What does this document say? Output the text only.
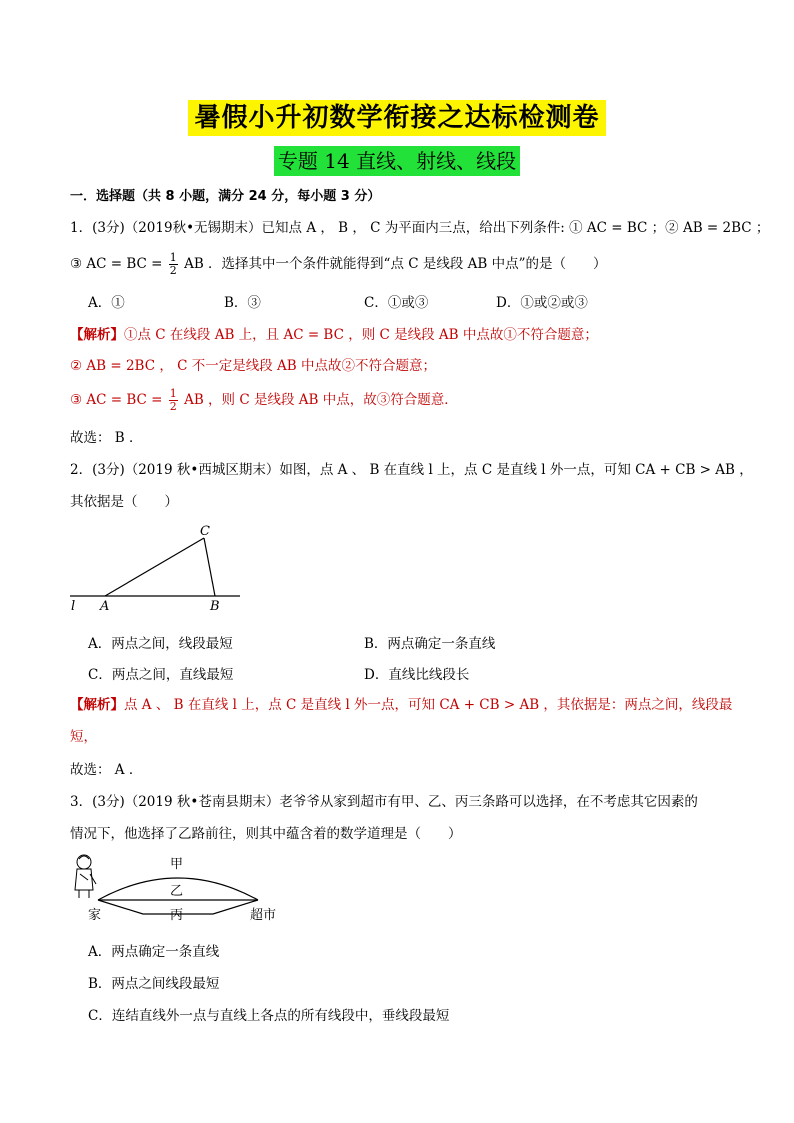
暑假小升初数学衔接之达标检测卷
专题 14 直线、射线、线段
一．选择题（共 8 小题，满分 24 分，每小题 3 分）
1．(3分)（2019秋•无锡期末）已知点 A ， B ， C 为平面内三点，给出下列条件: ① AC = BC ；② AB = 2BC ；
③ AC = BC = $\frac{1}{2}$ AB ．选择其中一个条件就能得到“点 C 是线段 AB 中点”的是（　　）
A．①	B．③	C．①或③	D．①或②或③
【解析】①点 C 在线段 AB 上，且 AC = BC ，则 C 是线段 AB 中点故①不符合题意；
② AB = 2BC ， C 不一定是线段 AB 中点故②不符合题意；
③ AC = BC = $\frac{1}{2}$ AB ，则 C 是线段 AB 中点，故③符合题意．
故选： B ．
2．(3分)（2019 秋•西城区期末）如图，点 A 、 B 在直线 l 上，点 C 是直线 l 外一点，可知 CA + CB > AB ，
其依据是（　　）
C
A	B
l
A．两点之间，线段最短	B．两点确定一条直线
C．两点之间，直线最短	D．直线比线段长
【解析】点 A 、 B 在直线 l 上，点 C 是直线 l 外一点，可知 CA + CB > AB ，其依据是：两点之间，线段最
短，
故选： A ．
3．(3分)（2019 秋•苍南县期末）老爷爷从家到超市有甲、乙、丙三条路可以选择，在不考虑其它因素的
情况下，他选择了乙路前往，则其中蕴含着的数学道理是（　　）
甲
乙
丙
家	超市
A．两点确定一条直线
B．两点之间线段最短
C．连结直线外一点与直线上各点的所有线段中，垂线段最短
